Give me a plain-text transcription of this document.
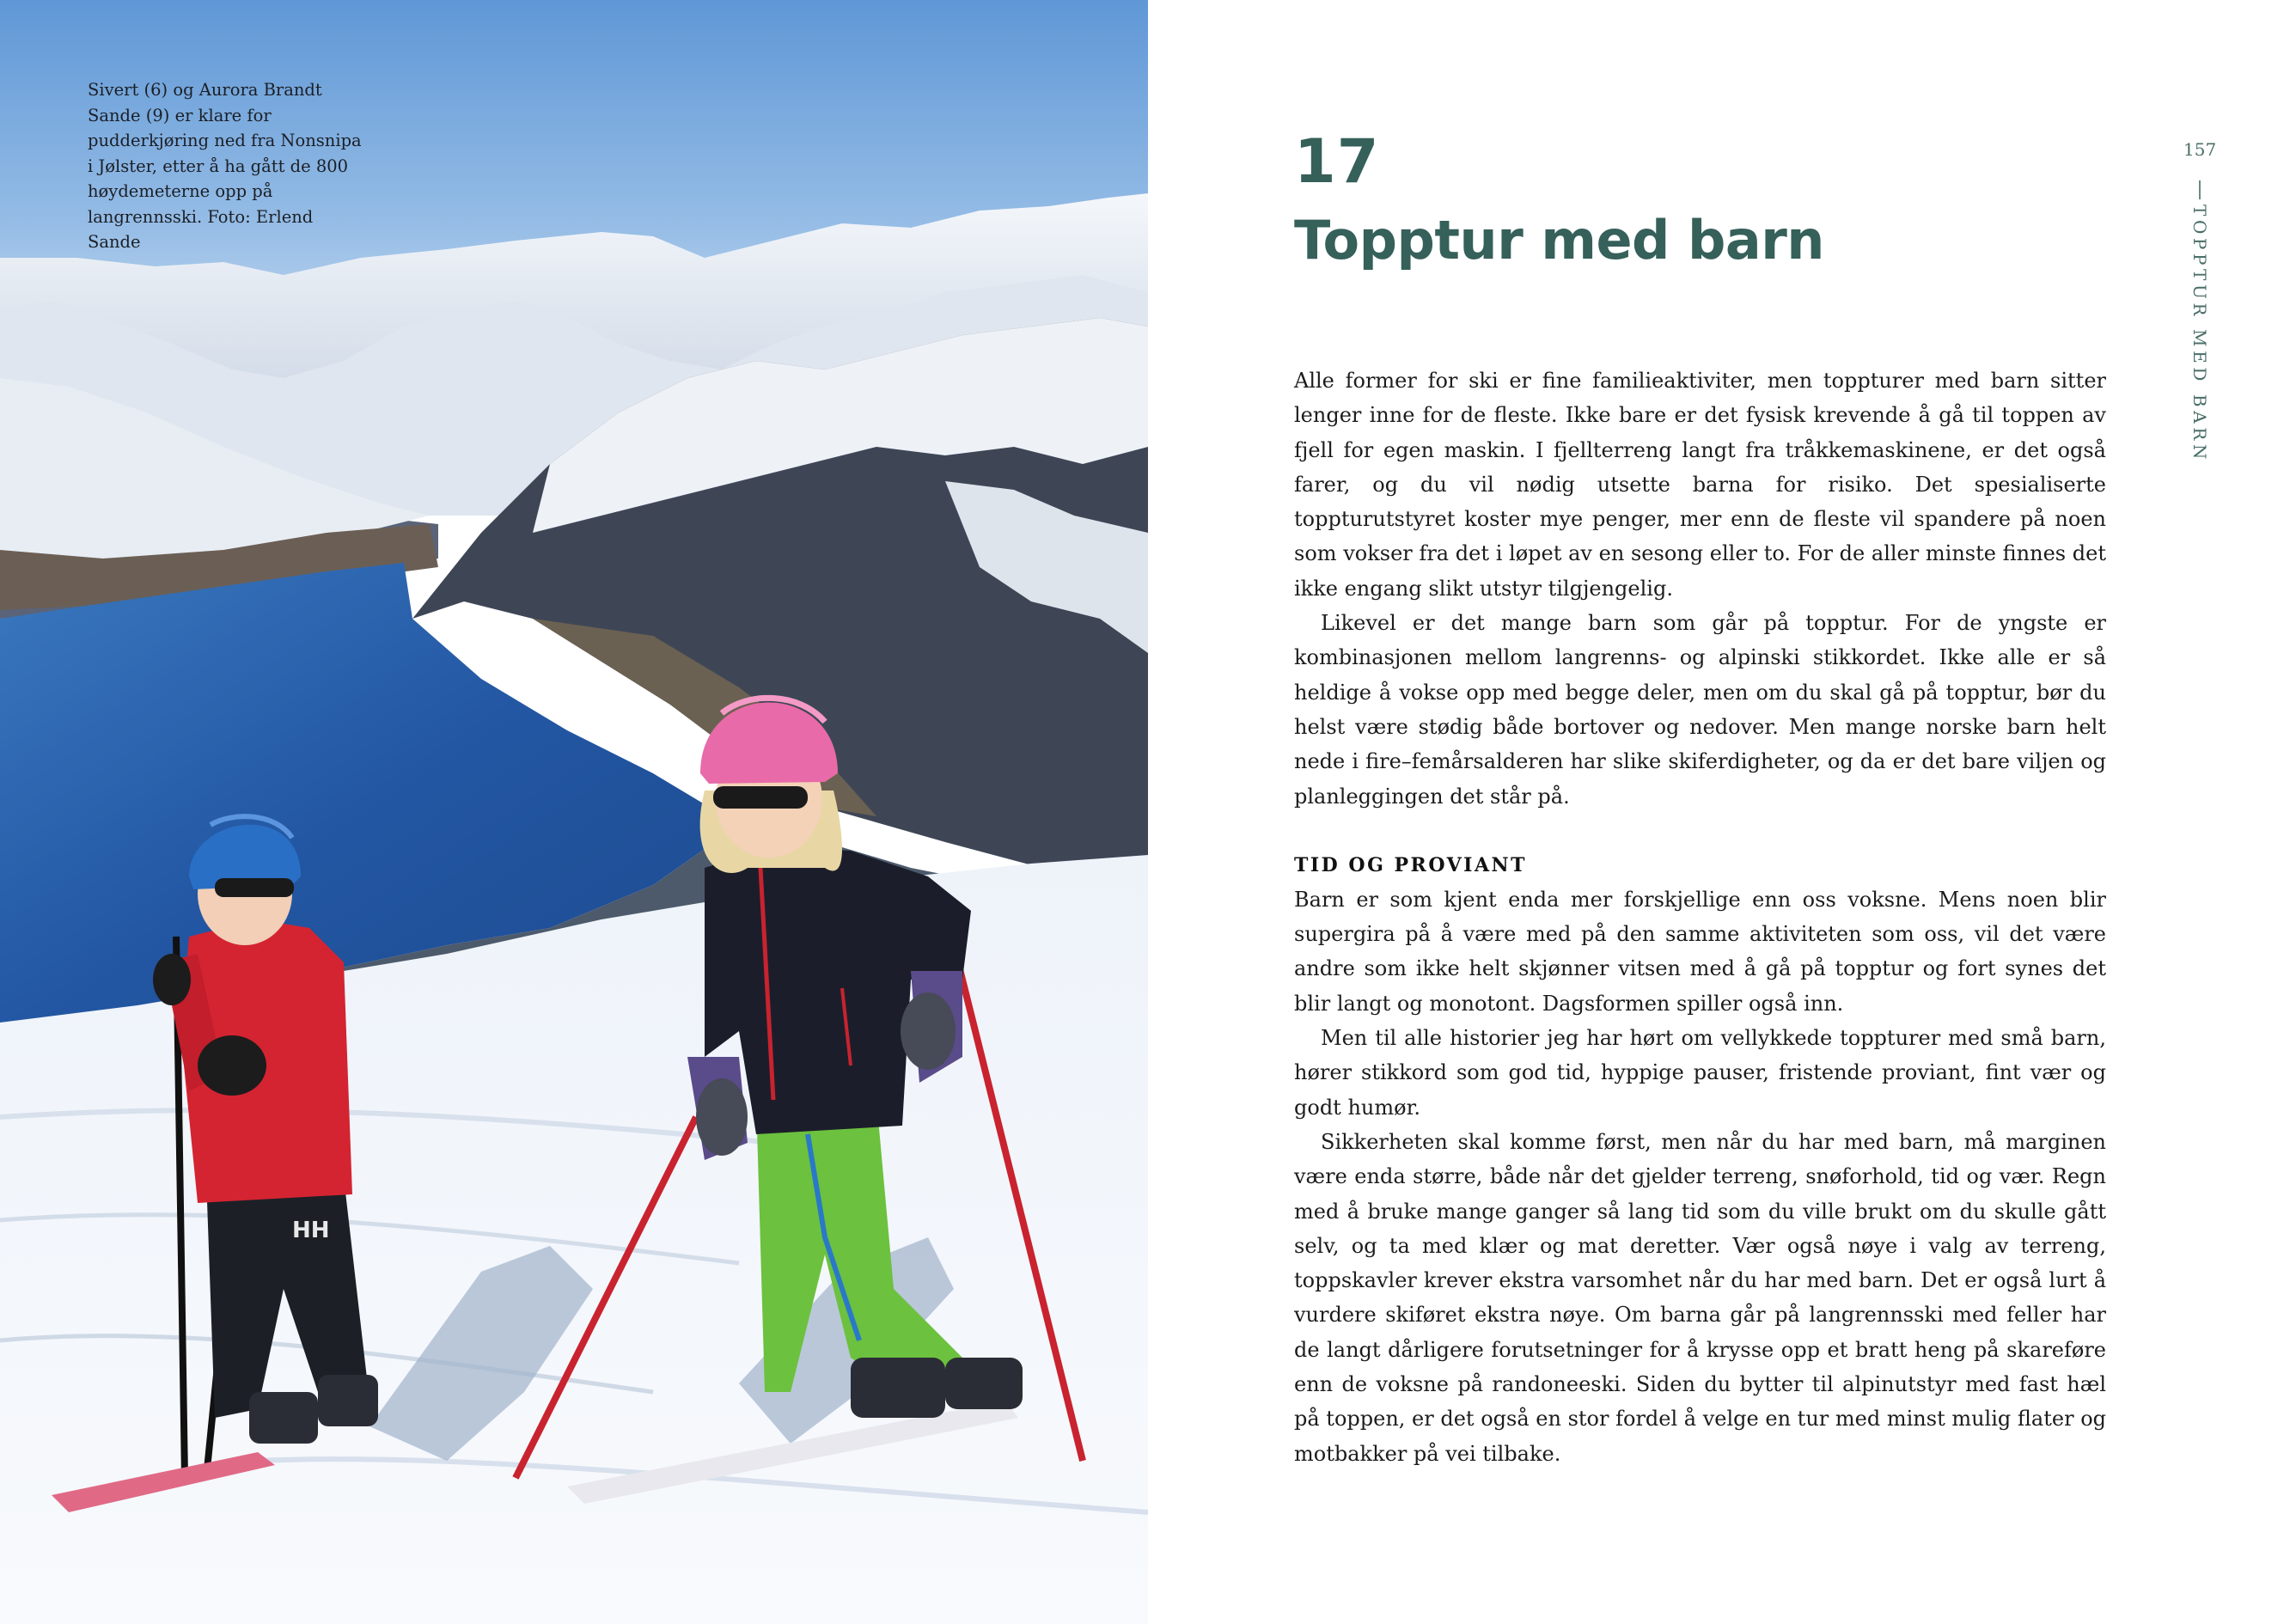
HH
Sivert (6) og Aurora Brandt Sande (9) er klare for pudderkjøring ned fra Nonsnipa i Jølster, etter å ha gått de 800 høydemeterne opp på langrennsski. Foto: Erlend Sande
17
Topptur med barn

Alle former for ski er fine familieaktiviter, men toppturer med barn sitter lenger inne for de fleste. Ikke bare er det fysisk krevende å gå til toppen av fjell for egen maskin. I fjellterreng langt fra tråkkemaskinene, er det også farer, og du vil nødig utsette barna for risiko. Det spesialiserte toppturutstyret koster mye penger, mer enn de fleste vil spandere på noen som vokser fra det i løpet av en sesong eller to. For de aller minste finnes det ikke engang slikt utstyr tilgjengelig.

Likevel er det mange barn som går på topptur. For de yngste er kombinasjonen mellom langrenns- og alpinski stikkordet. Ikke alle er så heldige å vokse opp med begge deler, men om du skal gå på topptur, bør du helst være stødig både bortover og nedover. Men mange norske barn helt nede i fire–femårsalderen har slike skiferdigheter, og da er det bare viljen og planleggingen det står på.

TID OG PROVIANT

Barn er som kjent enda mer forskjellige enn oss voksne. Mens noen blir supergira på å være med på den samme aktiviteten som oss, vil det være andre som ikke helt skjønner vitsen med å gå på topptur og fort synes det blir langt og monotont. Dagsformen spiller også inn.

Men til alle historier jeg har hørt om vellykkede toppturer med små barn, hører stikkord som god tid, hyppige pauser, fristende proviant, fint vær og godt humør.

Sikkerheten skal komme først, men når du har med barn, må marginen være enda større, både når det gjelder terreng, snøforhold, tid og vær. Regn med å bruke mange ganger så lang tid som du ville brukt om du skulle gått selv, og ta med klær og mat deretter. Vær også nøye i valg av terreng, toppskavler krever ekstra varsomhet når du har med barn. Det er også lurt å vurdere skiføret ekstra nøye. Om barna går på langrennsski med feller har de langt dårligere forutsetninger for å krysse opp et bratt heng på skareføre enn de voksne på randoneeski. Siden du bytter til alpinutstyr med fast hæl på toppen, er det også en stor fordel å velge en tur med minst mulig flater og motbakker på vei tilbake.

157
TOPPTUR MED BARN
